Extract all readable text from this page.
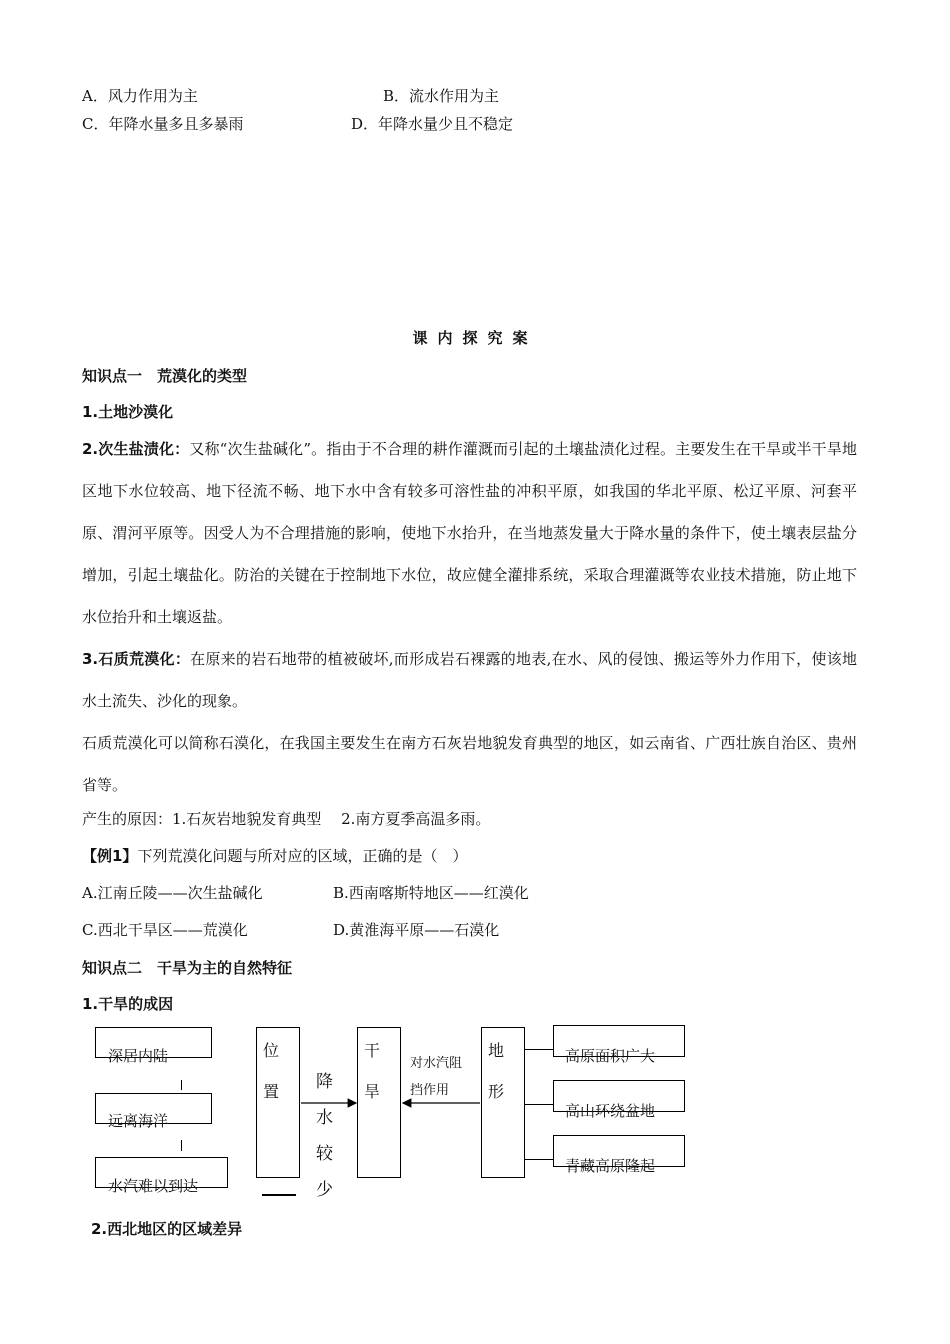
A．风力作用为主	B．流水作用为主
C．年降水量多且多暴雨	D．年降水量少且不稳定
课内探究案
知识点一　荒漠化的类型
1.土地沙漠化
2.次生盐渍化：又称“次生盐碱化”。指由于不合理的耕作灌溉而引起的土壤盐渍化过程。主要发生在干旱或半干旱地区地下水位较高、地下径流不畅、地下水中含有较多可溶性盐的冲积平原，如我国的华北平原、松辽平原、河套平原、渭河平原等。因受人为不合理措施的影响，使地下水抬升，在当地蒸发量大于降水量的条件下，使土壤表层盐分增加，引起土壤盐化。防治的关键在于控制地下水位，故应健全灌排系统，采取合理灌溉等农业技术措施，防止地下水位抬升和土壤返盐。
3.石质荒漠化：在原来的岩石地带的植被破坏,而形成岩石裸露的地表,在水、风的侵蚀、搬运等外力作用下，使该地水土流失、沙化的现象。
石质荒漠化可以简称石漠化，在我国主要发生在南方石灰岩地貌发育典型的地区，如云南省、广西壮族自治区、贵州省等。
产生的原因：1.石灰岩地貌发育典型　 2.南方夏季高温多雨。
【例1】下列荒漠化问题与所对应的区域，正确的是（　）
A.江南丘陵——次生盐碱化	B.西南喀斯特地区——红漠化
C.西北干旱区——荒漠化	D.黄淮海平原——石漠化
知识点二　干旱为主的自然特征
1.干旱的成因
深居内陆
远离海洋
水汽难以到达
位
置 降
水
较
少
干
旱
对水汽阻
挡作用
地
形
高原面积广大
高山环绕盆地
青藏高原隆起
2.西北地区的区域差异
